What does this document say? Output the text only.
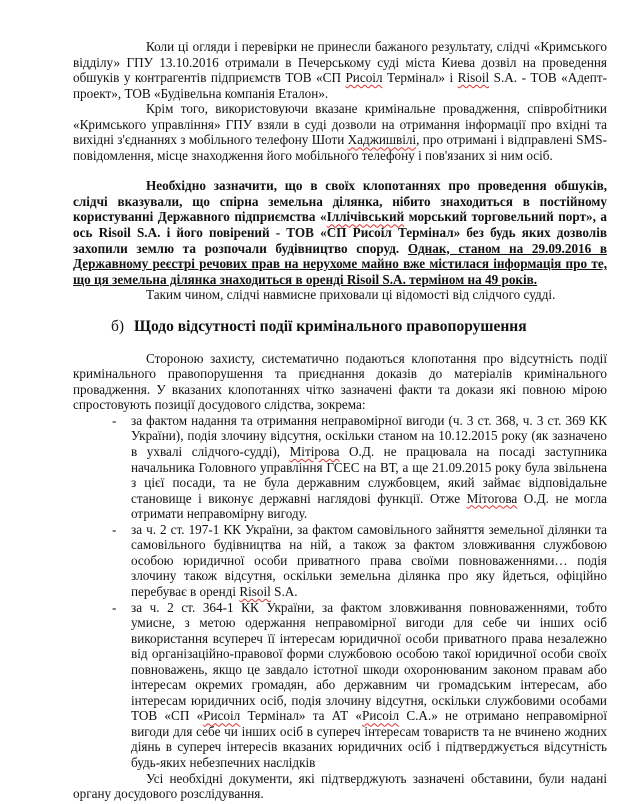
Коли ці огляди і перевірки не принесли бажаного результату, слідчі «Кримського відділу» ГПУ 13.10.2016 отримали в Печерському суді міста Киева дозвіл на проведення обшуків у контрагентів підприємств ТОВ «СП Рисоіл Термінал» і Risoil S.A. - ТОВ «Адепт-проект», ТОВ «Будівельна компанія Еталон».

Крім того, використовуючи вказане кримінальне провадження, співробітники «Кримського управління» ГПУ взяли в суді дозволи на отримання інформації про вхідні та вихідні з'єднаннях з мобільного телефону Шоти Хаджишвілі, про отримані і відправлені SMS-повідомлення, місце знаходження його мобільного телефону і пов'язаних зі ним осіб.

Необхідно зазначити, що в своїх клопотаннях про проведення обшуків, слідчі вказували, що спірна земельна ділянка, нібито знаходиться в постійному користуванні Державного підприємства «Іллічівський морський торговельний порт», а ось Risoil S.A. і його повірений - ТОВ «СП Рисоіл Термінал» без будь яких дозволів захопили землю та розпочали будівництво споруд. Однак, станом на 29.09.2016 в Державному реєстрі речових прав на нерухоме майно вже містилася інформація про те, що ця земельна ділянка знаходиться в оренді Risoil S.A. терміном на 49 років.

Таким чином, слідчі навмисне приховали ці відомості від слідчого судді.

б) Щодо відсутності події кримінального правопорушення

Стороною захисту, систематично подаються клопотання про відсутність події кримінального правопорушення та приєднання доказів до матеріалів кримінального провадження. У вказаних клопотаннях чітко зазначені факти та докази які повною мірою спростовують позиції досудового слідства, зокрема:

- за фактом надання та отримання неправомірної вигоди (ч. 3 ст. 368, ч. 3 ст. 369 КК України), подія злочину відсутня, оскільки станом на 10.12.2015 року (як зазначено в ухвалі слідчого-судді), Мітірова О.Д. не працювала на посаді заступника начальника Головного управління ГСЕС на ВТ, а ще 21.09.2015 року була звільнена з цієї посади, та не була державним службовцем, який займає відповідальне становище і виконує державні наглядові функції. Отже Мітorова О.Д. не могла отримати неправомірну вигоду.
- за ч. 2 ст. 197-1 КК України, за фактом самовільного зайняття земельної ділянки та самовільного будівництва на ній, а також за фактом зловживання службовою особою юридичної особи приватного права своїми повноваженнями… подія злочину також відсутня, оскільки земельна ділянка про яку йдеться, офіційно перебуває в оренді Risoil S.A.
- за ч. 2 ст. 364-1 КК України, за фактом зловживання повноваженнями, тобто умисне, з метою одержання неправомірної вигоди для себе чи інших осіб використання всупереч її інтересам юридичної особи приватного права незалежно від організаційно-правової форми службовою особою такої юридичної особи своїх повноважень, якщо це завдало істотної шкоди охоронюваним законом правам або інтересам окремих громадян, або державним чи громадським інтересам, або інтересам юридичних осіб, подія злочину відсутня, оскільки службовими особами ТОВ «СП «Рисоіл Термінал» та АТ «Рисоіл С.А.» не отримано неправомірної вигоди для себе чи інших осіб в супереч інтересам товариств та не вчинено жодних діянь в супереч інтересів вказаних юридичних осіб і підтверджується відсутність будь-яких небезпечних наслідків

Усі необхідні документи, які підтверджують зазначені обставини, були надані органу досудового розслідування.
